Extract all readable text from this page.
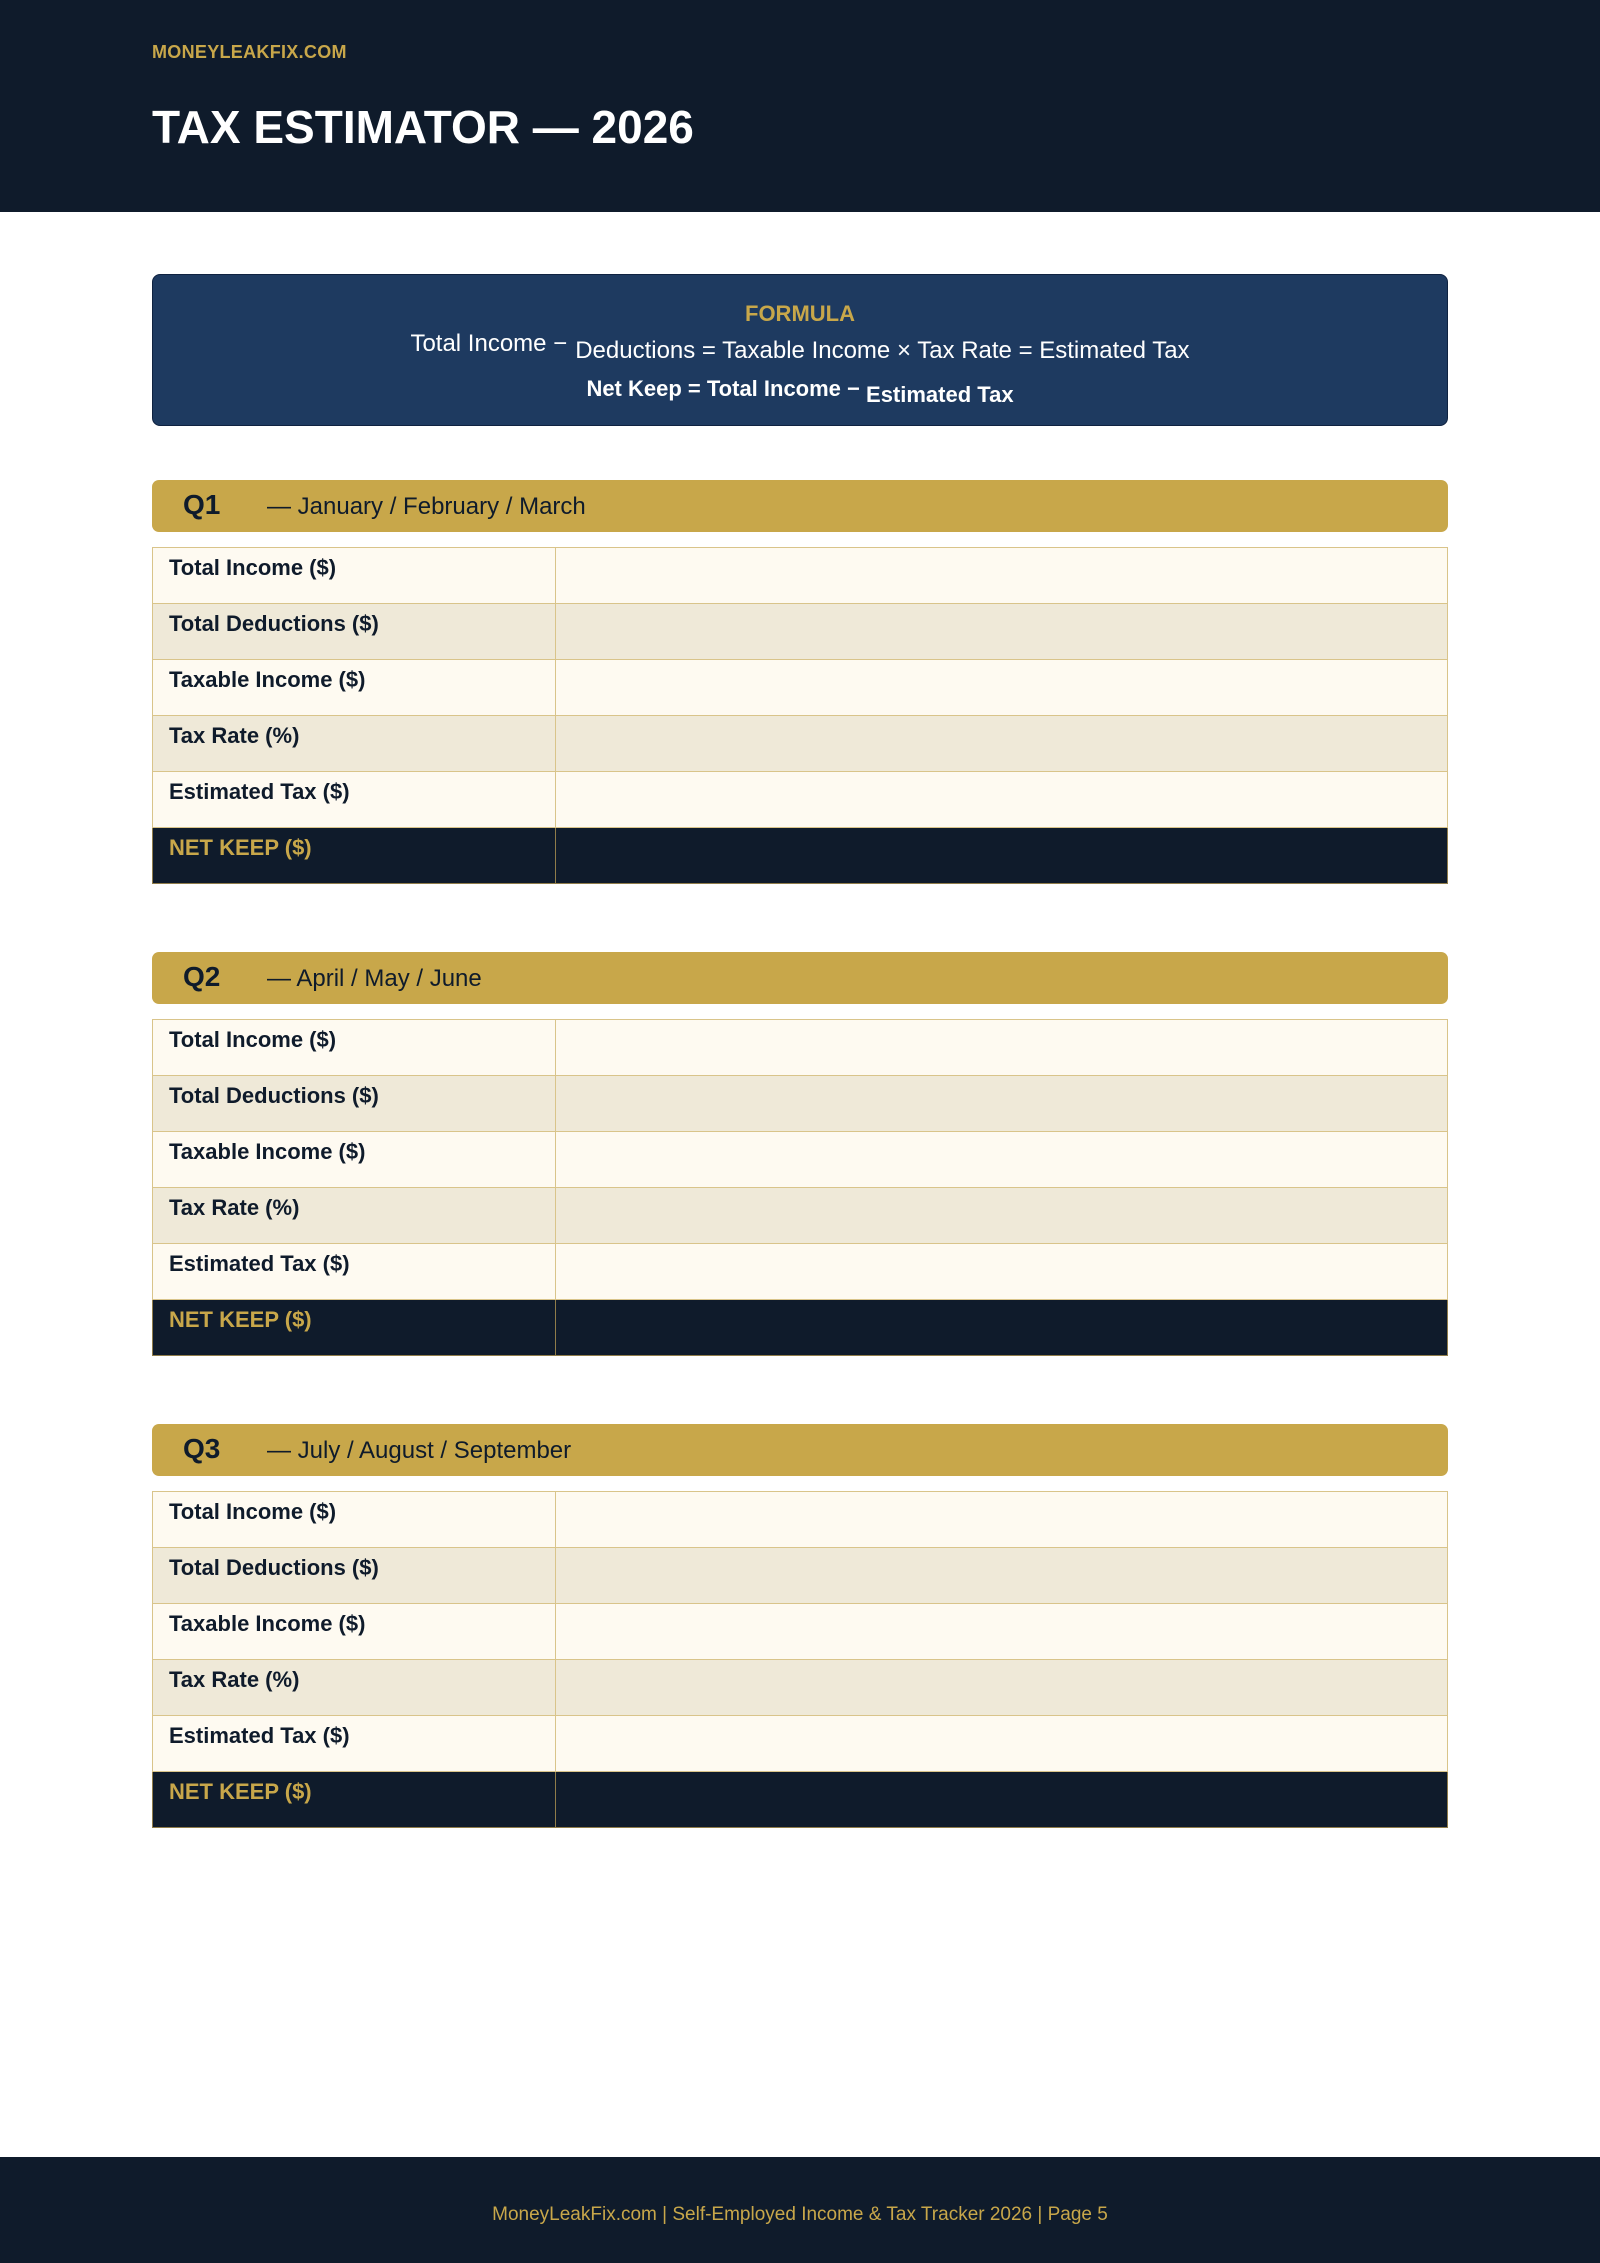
MONEYLEAKFIX.COM
TAX ESTIMATOR — 2026
FORMULA
Total Income − Deductions = Taxable Income × Tax Rate = Estimated Tax
Net Keep = Total Income − Estimated Tax
Q1 — January / February / March
Total Income ($)	
Total Deductions ($)	
Taxable Income ($)	
Tax Rate (%)	
Estimated Tax ($)	
NET KEEP ($)	
Q2 — April / May / June
Total Income ($)	
Total Deductions ($)	
Taxable Income ($)	
Tax Rate (%)	
Estimated Tax ($)	
NET KEEP ($)	
Q3 — July / August / September
Total Income ($)	
Total Deductions ($)	
Taxable Income ($)	
Tax Rate (%)	
Estimated Tax ($)	
NET KEEP ($)	
MoneyLeakFix.com | Self-Employed Income & Tax Tracker 2026 | Page 5
